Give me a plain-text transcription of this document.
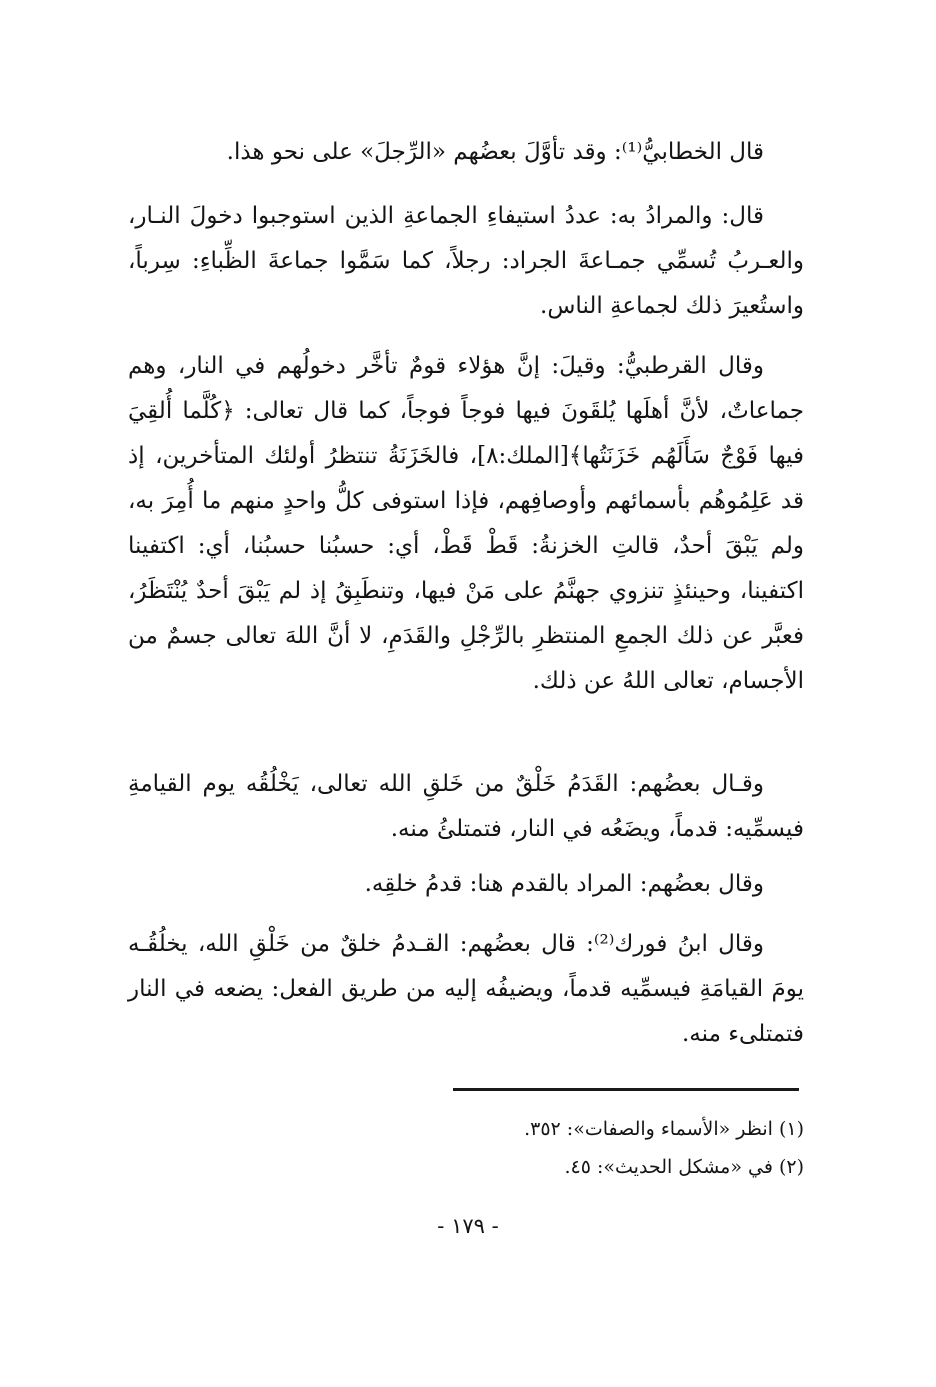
قال الخطابيُّ⁽¹⁾: وقد تأوَّلَ بعضُهم «الرِّجلَ» على نحو هذا.

قال: والمرادُ به: عددُ استيفاءِ الجماعةِ الذين استوجبوا دخولَ النـار، والعـربُ تُسمِّي جمـاعةَ الجراد: رجلاً، كما سَمَّوا جماعةَ الظِّباءِ: سِرباً، واستُعيرَ ذلك لجماعةِ الناس.

وقال القرطبيُّ: وقيلَ: إنَّ هؤلاء قومٌ تأخَّر دخولُهم في النار، وهم جماعاتٌ، لأنَّ أهلَها يُلقَونَ فيها فوجاً فوجاً، كما قال تعالى: ﴿كُلَّما أُلقِيَ فيها فَوْجٌ سَأَلَهُم خَزَنَتُها﴾[الملك:٨]، فالخَزَنَةُ تنتظرُ أولئك المتأخرين، إذ قد عَلِمُوهُم بأسمائهم وأوصافِهم، فإذا استوفى كلُّ واحدٍ منهم ما أُمِرَ به، ولم يَبْقَ أحدٌ، قالتِ الخزنةُ: قَطْ قَطْ، أي: حسبُنا حسبُنا، أي: اكتفينا اكتفينا، وحينئذٍ تنزوي جهنَّمُ على مَنْ فيها، وتنطَبِقُ إذ لم يَبْقَ أحدٌ يُنْتَظَرُ، فعبَّر عن ذلك الجمعِ المنتظرِ بالرِّجْلِ والقَدَمِ، لا أنَّ اللهَ تعالى جسمٌ من الأجسام، تعالى اللهُ عن ذلك.

وقـال بعضُهم: القَدَمُ خَلْقٌ من خَلقِ الله تعالى، يَخْلُقُه يوم القيامةِ فيسمِّيه: قدماً، ويضَعُه في النار، فتمتلئُ منه.

وقال بعضُهم: المراد بالقدم هنا: قدمُ خلقِه.

وقال ابنُ فورك⁽²⁾: قال بعضُهم: القـدمُ خلقٌ من خَلْقِ الله، يخلُقُـه يومَ القيامَةِ فيسمِّيه قدماً، ويضيفُه إليه من طريق الفعل: يضعه في النار فتمتلىء منه.

(١) انظر «الأسماء والصفات»: ٣٥٢.
(٢) في «مشكل الحديث»: ٤٥.
- ١٧٩ -
